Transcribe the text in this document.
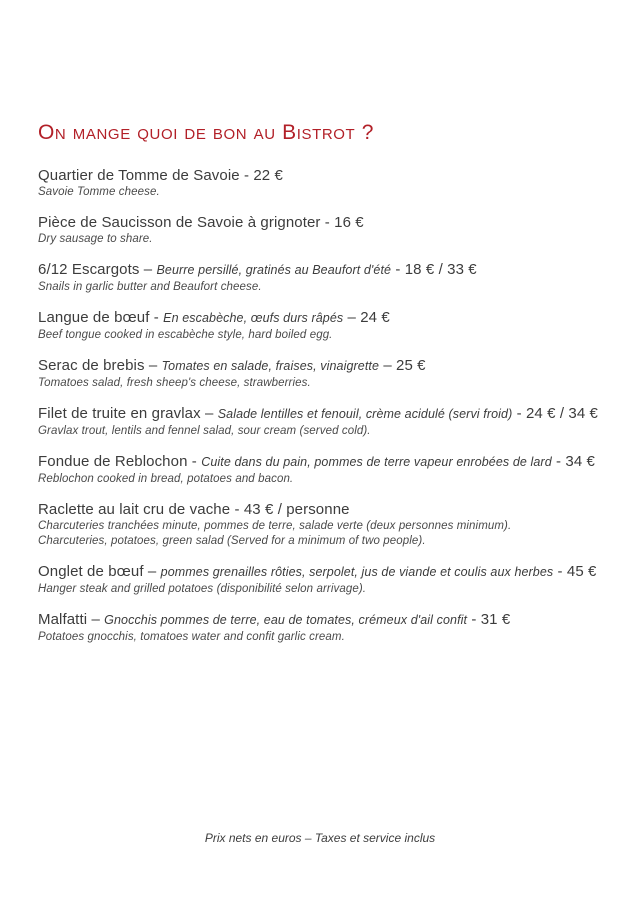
On mange quoi de bon au Bistrot ?
Quartier de Tomme de Savoie - 22 €
Savoie Tomme cheese.
Pièce de Saucisson de Savoie à grignoter - 16 €
Dry sausage to share.
6/12 Escargots – Beurre persillé, gratinés au Beaufort d'été - 18 € / 33 €
Snails in garlic butter and Beaufort cheese.
Langue de bœuf - En escabèche, œufs durs râpés – 24 €
Beef tongue cooked in escabèche style, hard boiled egg.
Serac de brebis – Tomates en salade, fraises, vinaigrette – 25 €
Tomatoes salad, fresh sheep's cheese, strawberries.
Filet de truite en gravlax – Salade lentilles et fenouil, crème acidulé (servi froid) - 24 € / 34 €
Gravlax trout, lentils and fennel salad, sour cream (served cold).
Fondue de Reblochon - Cuite dans du pain, pommes de terre vapeur enrobées de lard - 34 €
Reblochon cooked in bread, potatoes and bacon.
Raclette au lait cru de vache - 43 € / personne
Charcuteries tranchées minute, pommes de terre, salade verte (deux personnes minimum).
Charcuteries, potatoes, green salad (Served for a minimum of two people).
Onglet de bœuf – pommes grenailles rôties, serpolet, jus de viande et coulis aux herbes - 45 €
Hanger steak and grilled potatoes (disponibilité selon arrivage).
Malfatti – Gnocchis pommes de terre, eau de tomates, crémeux d'ail confit - 31 €
Potatoes gnocchis, tomatoes water and confit garlic cream.
Prix nets en euros – Taxes et service inclus
